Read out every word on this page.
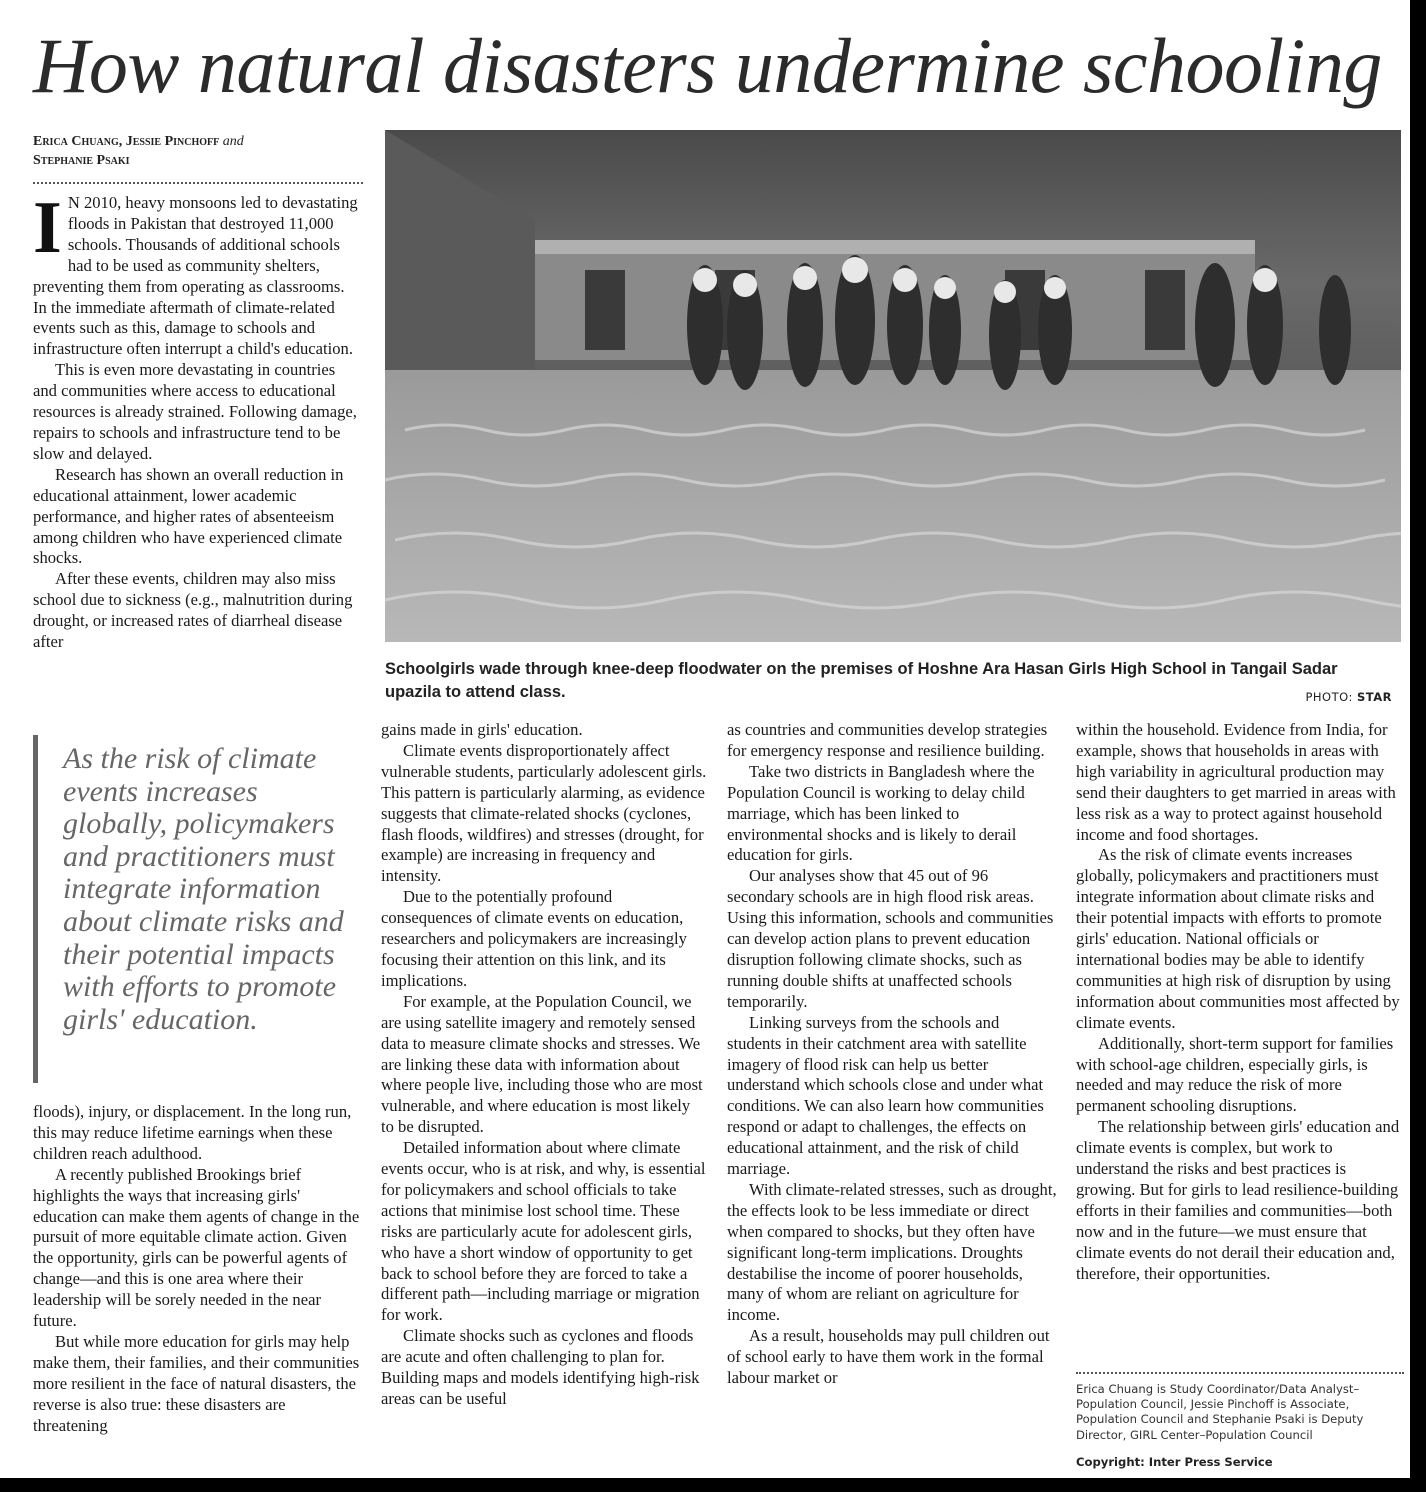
How natural disasters undermine schooling
Erica Chuang, Jessie Pinchoff and
Stephanie Psaki

I N 2010, heavy monsoons led to devastating floods in Pakistan that destroyed 11,000 schools. Thousands of additional schools had to be used as community shelters, preventing them from operating as classrooms. In the immediate aftermath of climate-related events such as this, damage to schools and infrastructure often interrupt a child's education.

This is even more devastating in countries and communities where access to educational resources is already strained. Following damage, repairs to schools and infrastructure tend to be slow and delayed.

Research has shown an overall reduction in educational attainment, lower academic performance, and higher rates of absenteeism among children who have experienced climate shocks.

After these events, children may also miss school due to sickness (e.g., malnutrition during drought, or increased rates of diarrheal disease after

As the risk of climate events increases globally, policymakers and practitioners must integrate information about climate risks and their potential impacts with efforts to promote girls' education.

floods), injury, or displacement. In the long run, this may reduce lifetime earnings when these children reach adulthood.

A recently published Brookings brief highlights the ways that increasing girls' education can make them agents of change in the pursuit of more equitable climate action. Given the opportunity, girls can be powerful agents of change—and this is one area where their leadership will be sorely needed in the near future.

But while more education for girls may help make them, their families, and their communities more resilient in the face of natural disasters, the reverse is also true: these disasters are threatening

Schoolgirls wade through knee-deep floodwater on the premises of Hoshne Ara Hasan Girls High School in Tangail Sadar upazila to attend class.	PHOTO: STAR

gains made in girls' education.

Climate events disproportionately affect vulnerable students, particularly adolescent girls. This pattern is particularly alarming, as evidence suggests that climate-related shocks (cyclones, flash floods, wildfires) and stresses (drought, for example) are increasing in frequency and intensity.

Due to the potentially profound consequences of climate events on education, researchers and policymakers are increasingly focusing their attention on this link, and its implications.

For example, at the Population Council, we are using satellite imagery and remotely sensed data to measure climate shocks and stresses. We are linking these data with information about where people live, including those who are most vulnerable, and where education is most likely to be disrupted.

Detailed information about where climate events occur, who is at risk, and why, is essential for policymakers and school officials to take actions that minimise lost school time. These risks are particularly acute for adolescent girls, who have a short window of opportunity to get back to school before they are forced to take a different path—including marriage or migration for work.

Climate shocks such as cyclones and floods are acute and often challenging to plan for. Building maps and models identifying high-risk areas can be useful

as countries and communities develop strategies for emergency response and resilience building.

Take two districts in Bangladesh where the Population Council is working to delay child marriage, which has been linked to environmental shocks and is likely to derail education for girls.

Our analyses show that 45 out of 96 secondary schools are in high flood risk areas. Using this information, schools and communities can develop action plans to prevent education disruption following climate shocks, such as running double shifts at unaffected schools temporarily.

Linking surveys from the schools and students in their catchment area with satellite imagery of flood risk can help us better understand which schools close and under what conditions. We can also learn how communities respond or adapt to challenges, the effects on educational attainment, and the risk of child marriage.

With climate-related stresses, such as drought, the effects look to be less immediate or direct when compared to shocks, but they often have significant long-term implications. Droughts destabilise the income of poorer households, many of whom are reliant on agriculture for income.

As a result, households may pull children out of school early to have them work in the formal labour market or

within the household. Evidence from India, for example, shows that households in areas with high variability in agricultural production may send their daughters to get married in areas with less risk as a way to protect against household income and food shortages.

As the risk of climate events increases globally, policymakers and practitioners must integrate information about climate risks and their potential impacts with efforts to promote girls' education. National officials or international bodies may be able to identify communities at high risk of disruption by using information about communities most affected by climate events.

Additionally, short-term support for families with school-age children, especially girls, is needed and may reduce the risk of more permanent schooling disruptions.

The relationship between girls' education and climate events is complex, but work to understand the risks and best practices is growing. But for girls to lead resilience-building efforts in their families and communities—both now and in the future—we must ensure that climate events do not derail their education and, therefore, their opportunities.

Erica Chuang is Study Coordinator/Data Analyst–Population Council, Jessie Pinchoff is Associate, Population Council and Stephanie Psaki is Deputy Director, GIRL Center–Population Council
Copyright: Inter Press Service
